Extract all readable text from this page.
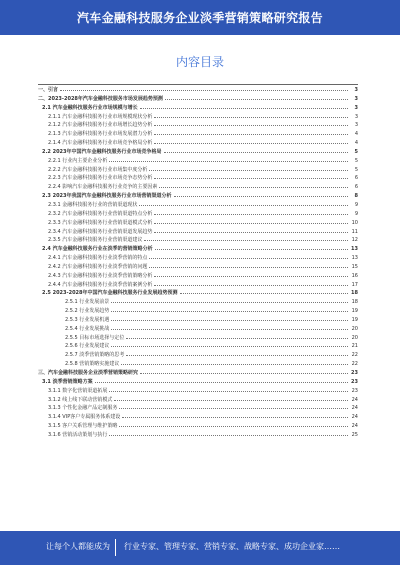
汽车金融科技服务企业淡季营销策略研究报告
内容目录
一、引言	3
二、2023-2028年汽车金融科技服务市场发展趋势预测	3
2.1 汽车金融科技服务行业市场规模与增长	3
2.1.1 汽车金融科技服务行业市场规模现状分析	3
2.1.2 汽车金融科技服务行业市场增长趋势分析	3
2.1.3 汽车金融科技服务行业市场发展潜力分析	4
2.1.4 汽车金融科技服务行业市场竞争格局分析	4
2.2 2023年中国汽车金融科技服务行业市场竞争格局	5
2.2.1 行业内主要企业分析	5
2.2.2 汽车金融科技服务行业市场集中度分析	5
2.2.3 汽车金融科技服务行业市场竞争态势分析	6
2.2.4 影响汽车金融科技服务行业竞争的主要因素	6
2.3 2023年我国汽车金融科技服务行业市场营销渠道分析	8
2.3.1 金融科技服务行业的营销渠道现状	9
2.3.2 汽车金融科技服务行业营销渠道特点分析	9
2.3.3 汽车金融科技服务行业营销渠道模式分析	10
2.3.4 汽车金融科技服务行业营销渠道发展趋势	11
2.3.5 汽车金融科技服务行业营销渠道建议	12
2.4 汽车金融科技服务行业在淡季的营销策略分析	13
2.4.1 汽车金融科技服务行业淡季营销的特点	13
2.4.2 汽车金融科技服务行业淡季营销的问题	15
2.4.3 汽车金融科技服务行业淡季营销策略分析	16
2.4.4 汽车金融科技服务行业淡季营销案例分析	17
2.5 2023-2028年中国汽车金融科技服务行业发展趋势预测	18
2.5.1 行业发展前景	18
2.5.2 行业发展趋势	19
2.5.3 行业发展机遇	19
2.5.4 行业发展挑战	20
2.5.5 目标市场选择与定位	20
2.5.6 行业发展建议	21
2.5.7 淡季营销策略的思考	22
2.5.8 营销策略实施建议	22
三、汽车金融科技服务企业淡季营销策略研究	23
3.1 淡季营销策略方案	23
3.1.1 数字化营销渠道拓展	23
3.1.2 线上线下联动营销模式	24
3.1.3 个性化金融产品定制服务	24
3.1.4 VIP客户专属服务体系建设	24
3.1.5 客户关系管理与维护策略	24
3.1.6 营销活动策划与执行	25
让每个人都能成为 行业专家、管理专家、营销专家、战略专家、成功企业家……
